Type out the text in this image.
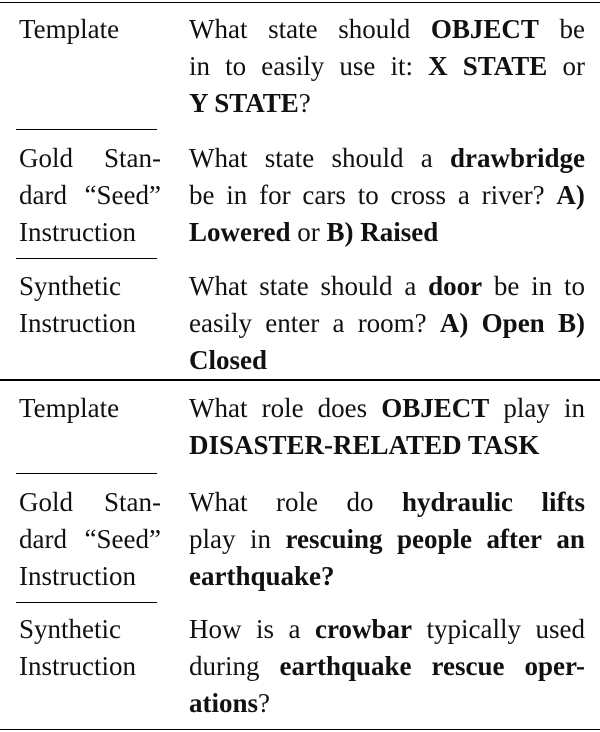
Template	What state should OBJECT be
in to easily use it: X STATE or
Y STATE?
Gold Stan-
dard “Seed”
Instruction
What state should a drawbridge
be in for cars to cross a river? A)
Lowered or B) Raised
Synthetic
Instruction
What state should a door be in to
easily enter a room? A) Open B)
Closed
Template	What role does OBJECT play in
DISASTER-RELATED TASK
Gold Stan-
dard “Seed”
Instruction
What role do hydraulic lifts
play in rescuing people after an
earthquake?
Synthetic
Instruction
How is a crowbar typically used
during earthquake rescue oper-
ations?
